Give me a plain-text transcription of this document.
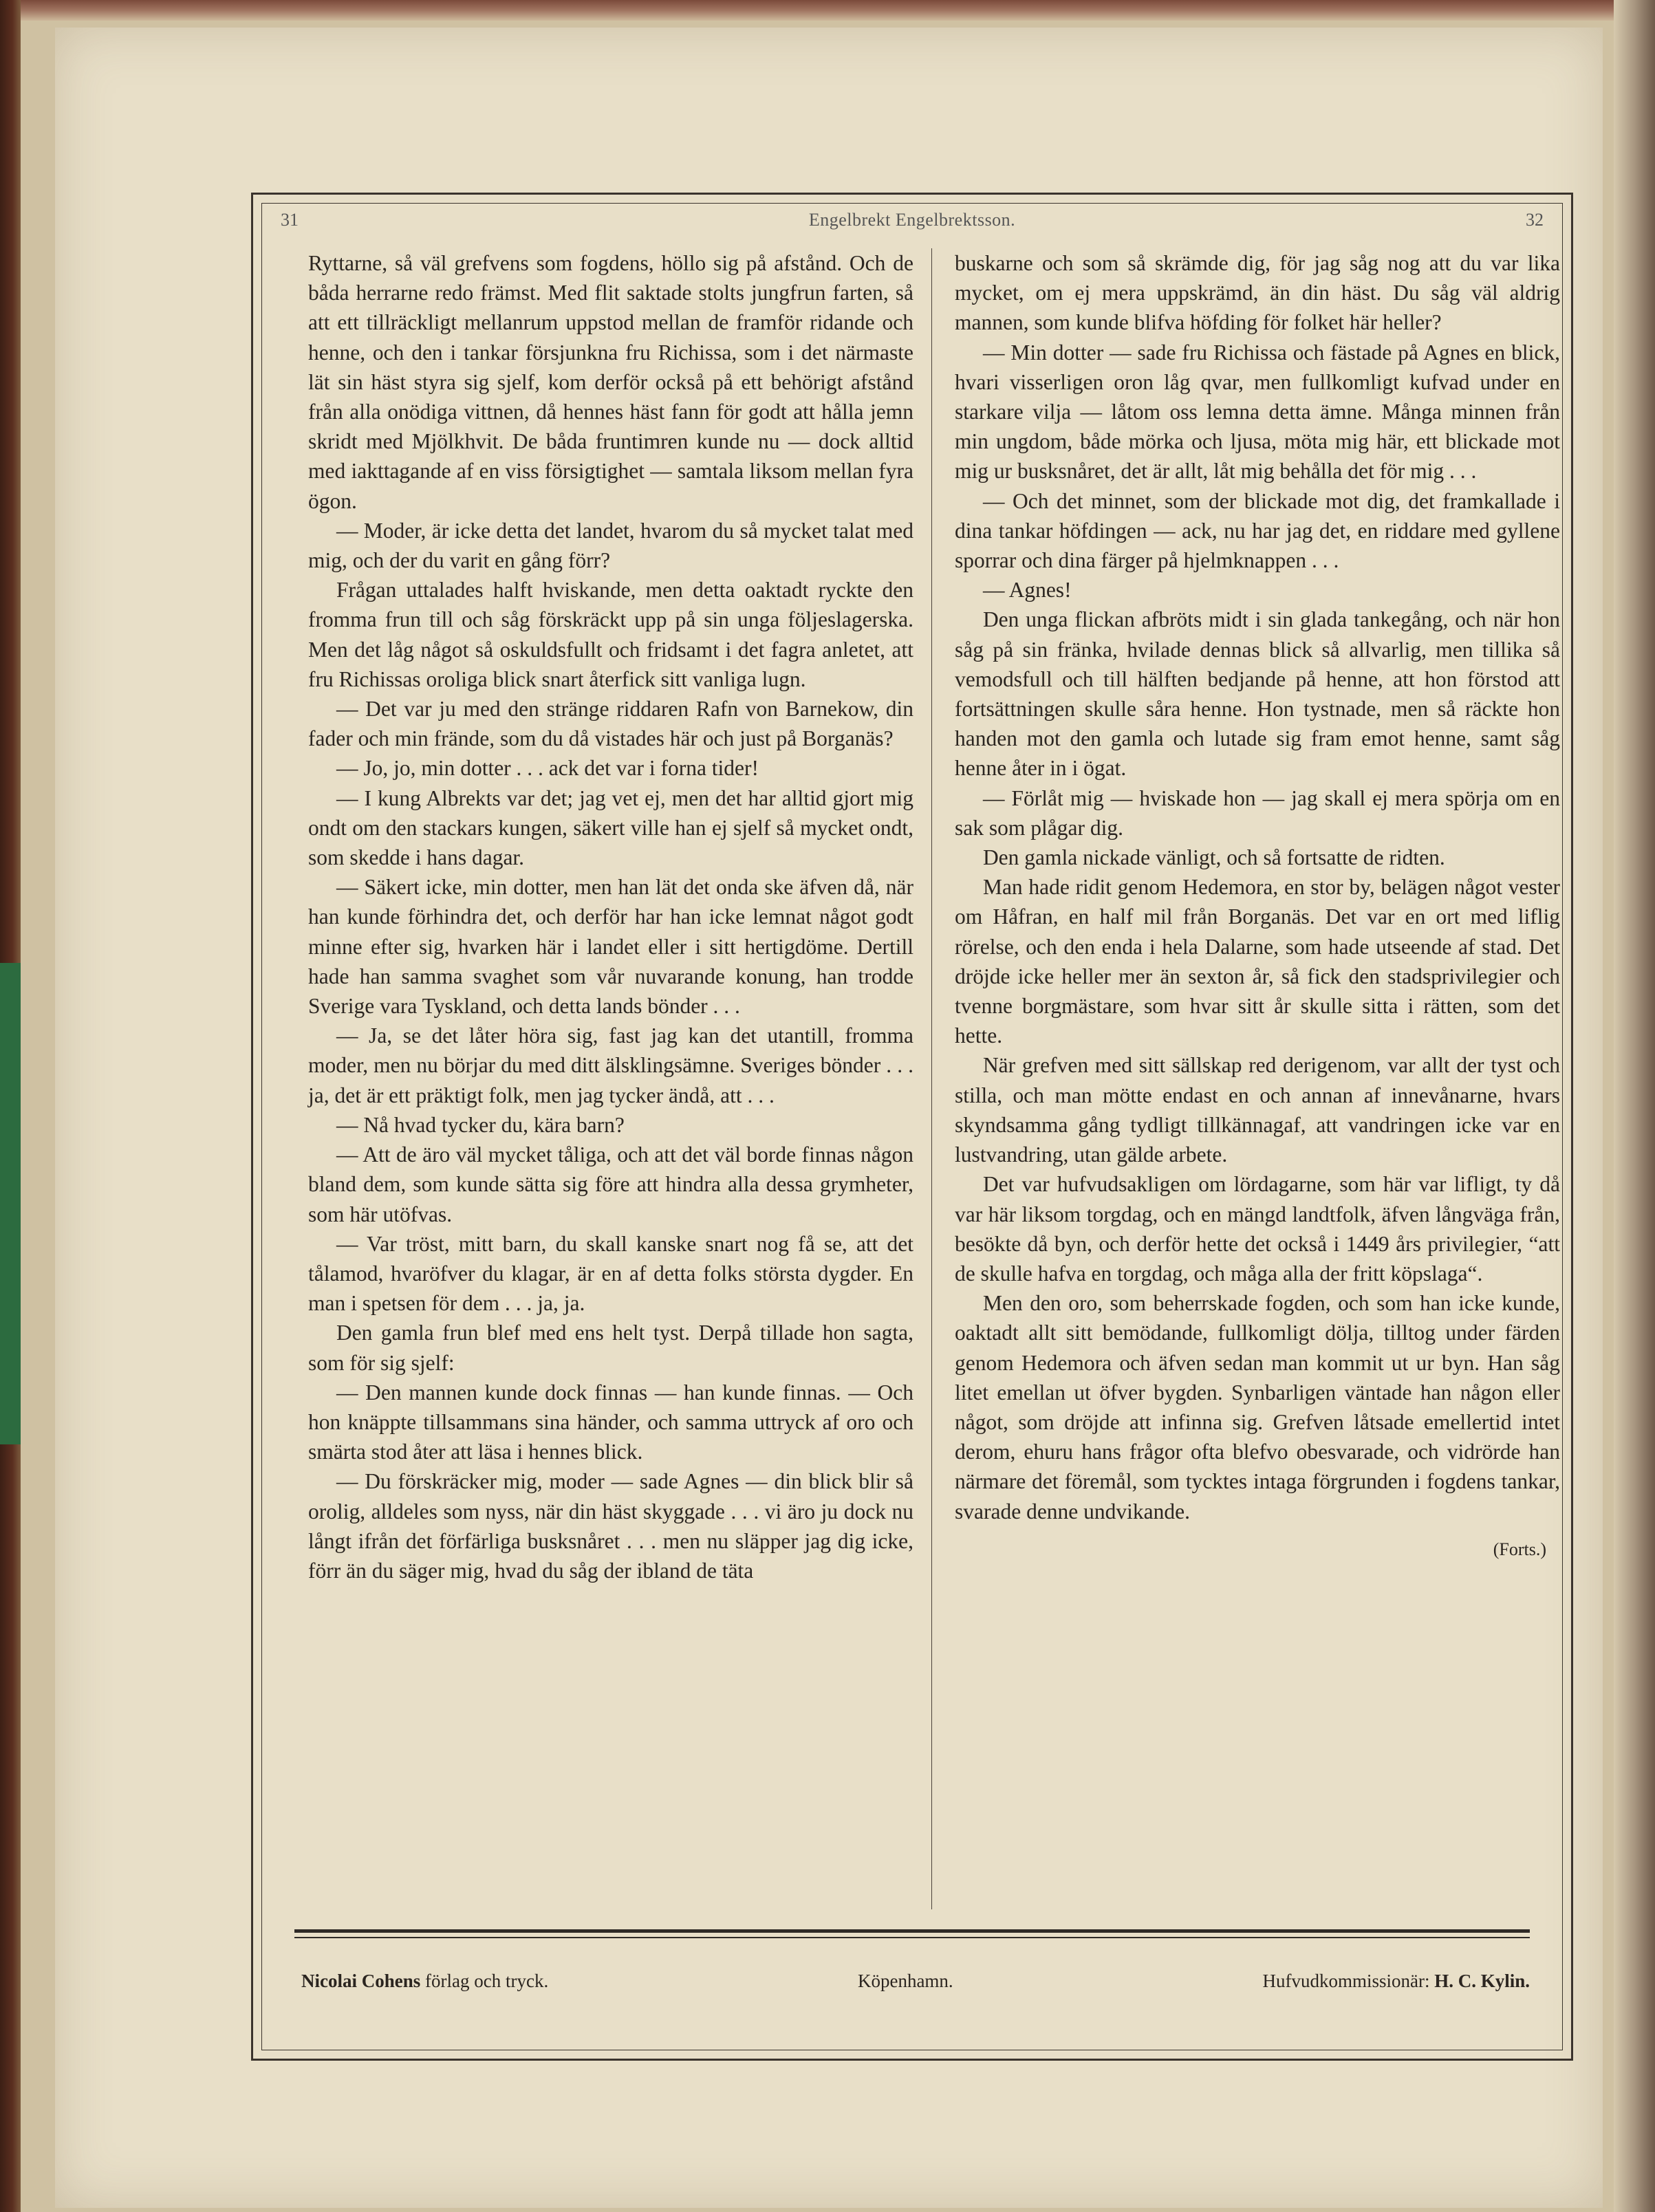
31	Engelbrekt Engelbrektsson.	32

Ryttarne, så väl grefvens som fogdens, höllo sig på afstånd. Och de båda herrarne redo främst. Med flit saktade stolts jungfrun farten, så att ett tillräckligt mellanrum uppstod mellan de framför ridande och henne, och den i tankar försjunkna fru Richissa, som i det närmaste lät sin häst styra sig sjelf, kom derför också på ett behörigt afstånd från alla onödiga vittnen, då hennes häst fann för godt att hålla jemn skridt med Mjölkhvit. De båda fruntimren kunde nu — dock alltid med iakttagande af en viss försigtighet — samtala liksom mellan fyra ögon.

— Moder, är icke detta det landet, hvarom du så mycket talat med mig, och der du varit en gång förr?

Frågan uttalades halft hviskande, men detta oaktadt ryckte den fromma frun till och såg förskräckt upp på sin unga följeslagerska. Men det låg något så oskuldsfullt och fridsamt i det fagra anletet, att fru Richissas oroliga blick snart återfick sitt vanliga lugn.

— Det var ju med den stränge riddaren Rafn von Barnekow, din fader och min frände, som du då vistades här och just på Borganäs?

— Jo, jo, min dotter . . . ack det var i forna tider!

— I kung Albrekts var det; jag vet ej, men det har alltid gjort mig ondt om den stackars kungen, säkert ville han ej sjelf så mycket ondt, som skedde i hans dagar.

— Säkert icke, min dotter, men han lät det onda ske äfven då, när han kunde förhindra det, och derför har han icke lemnat något godt minne efter sig, hvarken här i landet eller i sitt hertigdöme. Dertill hade han samma svaghet som vår nuvarande konung, han trodde Sverige vara Tyskland, och detta lands bönder . . .

— Ja, se det låter höra sig, fast jag kan det utantill, fromma moder, men nu börjar du med ditt älsklingsämne. Sveriges bönder . . . ja, det är ett präktigt folk, men jag tycker ändå, att . . .

— Nå hvad tycker du, kära barn?

— Att de äro väl mycket tåliga, och att det väl borde finnas någon bland dem, som kunde sätta sig före att hindra alla dessa grymheter, som här utöfvas.

— Var tröst, mitt barn, du skall kanske snart nog få se, att det tålamod, hvaröfver du klagar, är en af detta folks största dygder. En man i spetsen för dem . . . ja, ja.

Den gamla frun blef med ens helt tyst. Derpå tillade hon sagta, som för sig sjelf:

— Den mannen kunde dock finnas — han kunde finnas. — Och hon knäppte tillsammans sina händer, och samma uttryck af oro och smärta stod åter att läsa i hennes blick.

— Du förskräcker mig, moder — sade Agnes — din blick blir så orolig, alldeles som nyss, när din häst skyggade . . . vi äro ju dock nu långt ifrån det förfärliga busksnåret . . . men nu släpper jag dig icke, förr än du säger mig, hvad du såg der ibland de täta

buskarne och som så skrämde dig, för jag såg nog att du var lika mycket, om ej mera uppskrämd, än din häst. Du såg väl aldrig mannen, som kunde blifva höfding för folket här heller?

— Min dotter — sade fru Richissa och fästade på Agnes en blick, hvari visserligen oron låg qvar, men fullkomligt kufvad under en starkare vilja — låtom oss lemna detta ämne. Många minnen från min ungdom, både mörka och ljusa, möta mig här, ett blickade mot mig ur busksnåret, det är allt, låt mig behålla det för mig . . .

— Och det minnet, som der blickade mot dig, det framkallade i dina tankar höfdingen — ack, nu har jag det, en riddare med gyllene sporrar och dina färger på hjelmknappen . . .

— Agnes!

Den unga flickan afbröts midt i sin glada tankegång, och när hon såg på sin fränka, hvilade dennas blick så allvarlig, men tillika så vemodsfull och till hälften bedjande på henne, att hon förstod att fortsättningen skulle såra henne. Hon tystnade, men så räckte hon handen mot den gamla och lutade sig fram emot henne, samt såg henne åter in i ögat.

— Förlåt mig — hviskade hon — jag skall ej mera spörja om en sak som plågar dig.

Den gamla nickade vänligt, och så fortsatte de ridten.

Man hade ridit genom Hedemora, en stor by, belägen något vester om Håfran, en half mil från Borganäs. Det var en ort med liflig rörelse, och den enda i hela Dalarne, som hade utseende af stad. Det dröjde icke heller mer än sexton år, så fick den stadsprivilegier och tvenne borgmästare, som hvar sitt år skulle sitta i rätten, som det hette.

När grefven med sitt sällskap red derigenom, var allt der tyst och stilla, och man mötte endast en och annan af innevånarne, hvars skyndsamma gång tydligt tillkännagaf, att vandringen icke var en lustvandring, utan gälde arbete.

Det var hufvudsakligen om lördagarne, som här var lifligt, ty då var här liksom torgdag, och en mängd landtfolk, äfven långväga från, besökte då byn, och derför hette det också i 1449 års privilegier, “att de skulle hafva en torgdag, och måga alla der fritt köpslaga“.

Men den oro, som beherrskade fogden, och som han icke kunde, oaktadt allt sitt bemödande, fullkomligt dölja, tilltog under färden genom Hedemora och äfven sedan man kommit ut ur byn. Han såg litet emellan ut öfver bygden. Synbarligen väntade han någon eller något, som dröjde att infinna sig. Grefven låtsade emellertid intet derom, ehuru hans frågor ofta blefvo obesvarade, och vidrörde han närmare det föremål, som tycktes intaga förgrunden i fogdens tankar, svarade denne undvikande.

(Forts.)
Nicolai Cohens förlag och tryck.	Köpenhamn.	Hufvudkommissionär: H. C. Kylin.
